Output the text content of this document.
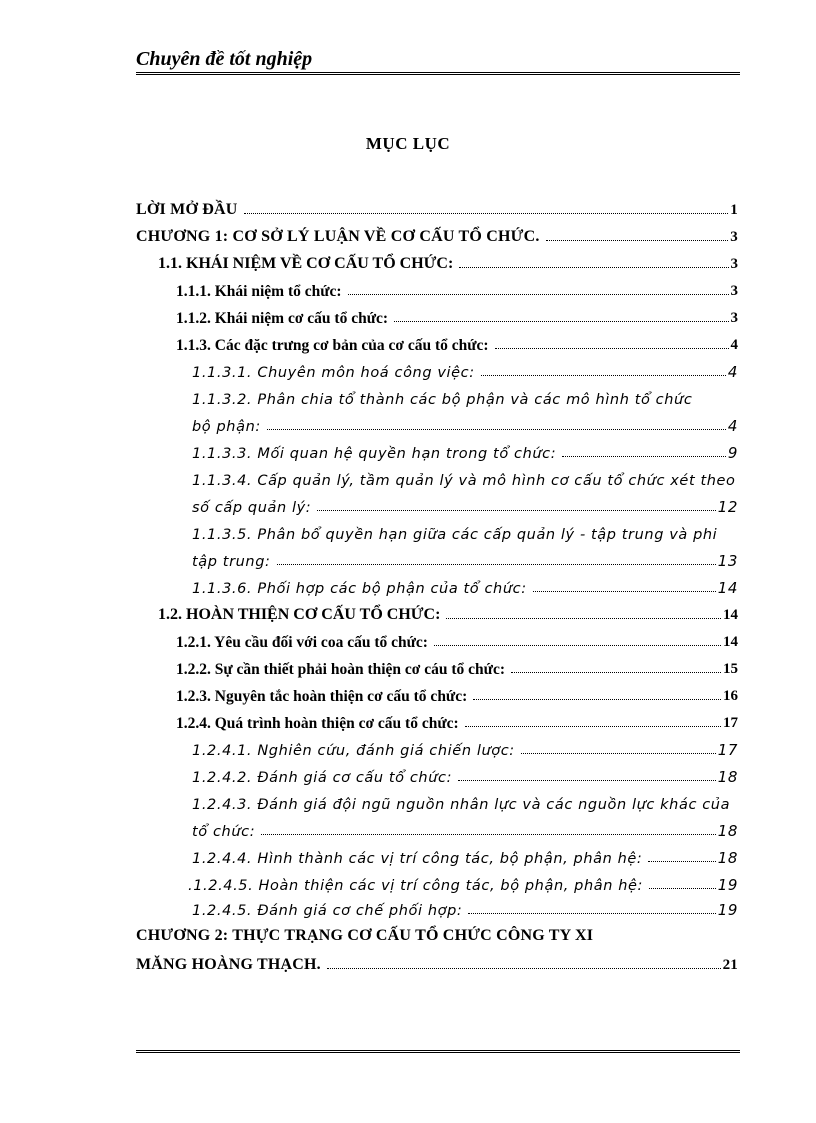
Chuyên đề tốt nghiệp
MỤC LỤC
LỜI MỞ ĐẦU	1
CHƯƠNG 1: CƠ SỞ LÝ LUẬN VỀ CƠ CẤU TỔ CHỨC.	3
1.1. KHÁI NIỆM VỀ CƠ CẤU TỔ CHỨC:	3
1.1.1. Khái niệm tổ chức:	3
1.1.2. Khái niệm cơ cấu tổ chức:	3
1.1.3. Các đặc trưng cơ bản của cơ cấu tổ chức:	4
1.1.3.1. Chuyên môn hoá công việc:	4
1.1.3.2. Phân chia tổ thành các bộ phận và các mô hình tổ chức
bộ phận:	4
1.1.3.3. Mối quan hệ quyền hạn trong tổ chức:	9
1.1.3.4. Cấp quản lý, tầm quản lý và mô hình cơ cấu tổ chức xét theo
số cấp quản lý:	12
1.1.3.5. Phân bổ quyền hạn giữa các cấp quản lý - tập trung và phi
tập trung:	13
1.1.3.6. Phối hợp các bộ phận của tổ chức:	14
1.2. HOÀN THIỆN CƠ CẤU TỔ CHỨC:	14
1.2.1. Yêu cầu đối với coa cấu tổ chức:	14
1.2.2. Sự cần thiết phải hoàn thiện cơ cáu tổ chức:	15
1.2.3. Nguyên tắc hoàn thiện cơ cấu tổ chức:	16
1.2.4. Quá trình hoàn thiện cơ cấu tổ chức:	17
1.2.4.1. Nghiên cứu, đánh giá chiến lược:	17
1.2.4.2. Đánh giá cơ cấu tổ chức:	18
1.2.4.3. Đánh giá đội ngũ nguồn nhân lực và các nguồn lực khác của
tổ chức:	18
1.2.4.4. Hình thành các vị trí công tác, bộ phận, phân hệ:	18
.1.2.4.5. Hoàn thiện các vị trí công tác, bộ phận, phân hệ:	19
1.2.4.5. Đánh giá cơ chế phối hợp:	19
CHƯƠNG 2: THỰC TRẠNG CƠ CẤU TỔ CHỨC CÔNG TY XI
MĂNG HOÀNG THẠCH.	21
